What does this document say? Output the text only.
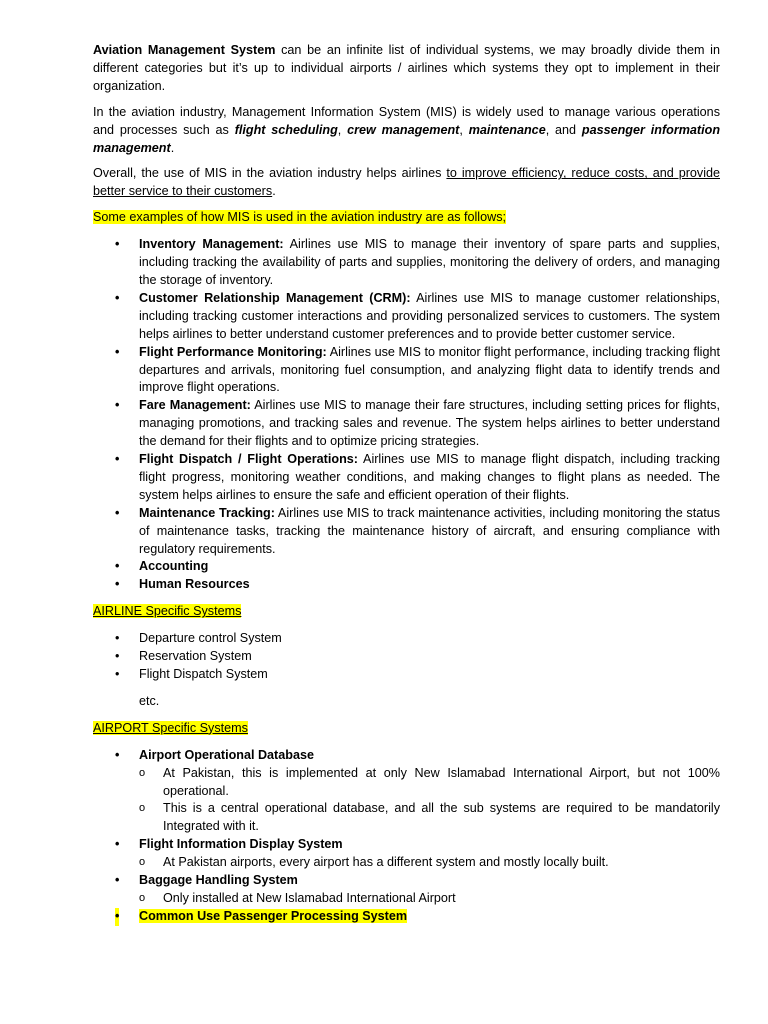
Aviation Management System can be an infinite list of individual systems, we may broadly divide them in different categories but it’s up to individual airports / airlines which systems they opt to implement in their organization.

In the aviation industry, Management Information System (MIS) is widely used to manage various operations and processes such as flight scheduling, crew management, maintenance, and passenger information management.

Overall, the use of MIS in the aviation industry helps airlines to improve efficiency, reduce costs, and provide better service to their customers.

Some examples of how MIS is used in the aviation industry are as follows;

• Inventory Management: Airlines use MIS to manage their inventory of spare parts and supplies, including tracking the availability of parts and supplies, monitoring the delivery of orders, and managing the storage of inventory.
• Customer Relationship Management (CRM): Airlines use MIS to manage customer relationships, including tracking customer interactions and providing personalized services to customers. The system helps airlines to better understand customer preferences and to provide better customer service.
• Flight Performance Monitoring: Airlines use MIS to monitor flight performance, including tracking flight departures and arrivals, monitoring fuel consumption, and analyzing flight data to identify trends and improve flight operations.
• Fare Management: Airlines use MIS to manage their fare structures, including setting prices for flights, managing promotions, and tracking sales and revenue. The system helps airlines to better understand the demand for their flights and to optimize pricing strategies.
• Flight Dispatch / Flight Operations: Airlines use MIS to manage flight dispatch, including tracking flight progress, monitoring weather conditions, and making changes to flight plans as needed. The system helps airlines to ensure the safe and efficient operation of their flights.
• Maintenance Tracking: Airlines use MIS to track maintenance activities, including monitoring the status of maintenance tasks, tracking the maintenance history of aircraft, and ensuring compliance with regulatory requirements.
• Accounting
• Human Resources

AIRLINE Specific Systems

• Departure control System
• Reservation System
• Flight Dispatch System

etc.

AIRPORT Specific Systems

• Airport Operational Database
o At Pakistan, this is implemented at only New Islamabad International Airport, but not 100% operational.
o This is a central operational database, and all the sub systems are required to be mandatorily Integrated with it.
• Flight Information Display System
o At Pakistan airports, every airport has a different system and mostly locally built.
• Baggage Handling System
o Only installed at New Islamabad International Airport
• Common Use Passenger Processing System
